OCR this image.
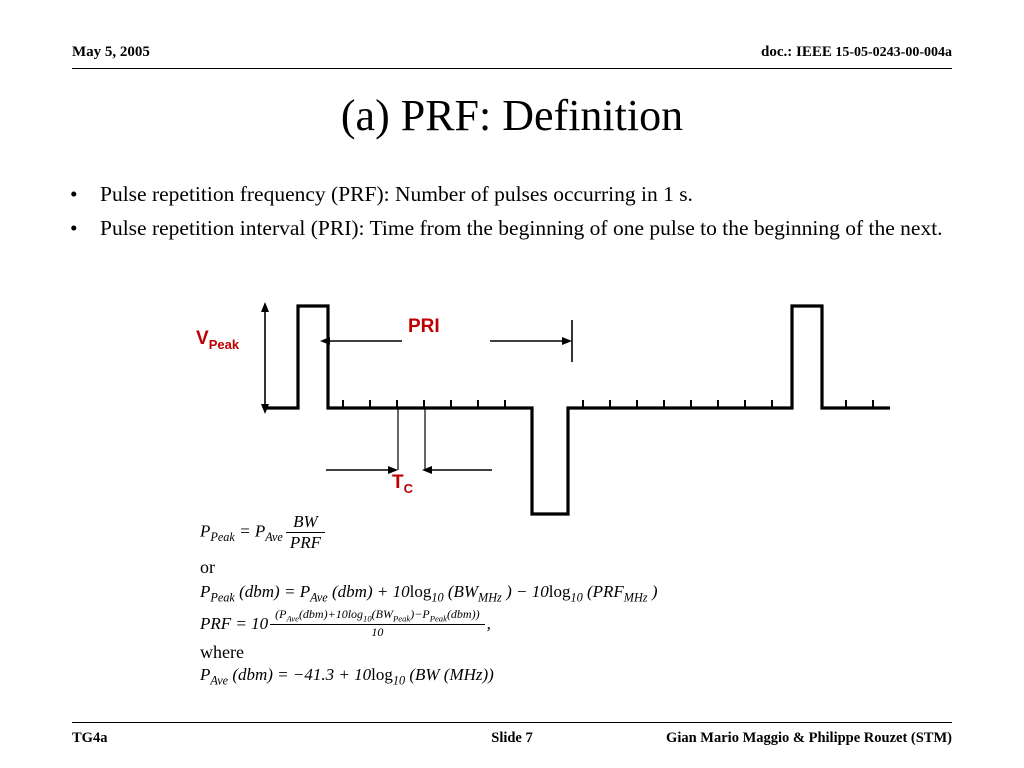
May 5, 2005	doc.: IEEE 15-05-0243-00-004a
(a) PRF: Definition
•	Pulse repetition frequency (PRF): Number of pulses occurring in 1 s.
•	Pulse repetition interval (PRI): Time from the beginning of one pulse to the beginning of the next.
$V_{Peak}$
PRI
$T_C$
$P_{Peak} = P_{Ave} \frac{BW}{\text{PRF}}$
or
$P_{Peak}$ $(dbm) = P_{Ave}$ $(dbm) + 10\log_{10}$ ($BW_{MHz}$ ) − $10\log_{10}$ ($PRF_{MHz}$ )
PRF = $10 \frac{(P_{Ave}(dbm)+10\log_{10}(BW_{Peak})-P_{Peak}(dbm))}{10}$ ,
where
$P_{Ave}$ $(dbm) = -41.3 + 10\log_{10}$ (BW (MHz))
TG4a	Gian Mario Maggio & Philippe Rouzet (STM)
Slide 7
